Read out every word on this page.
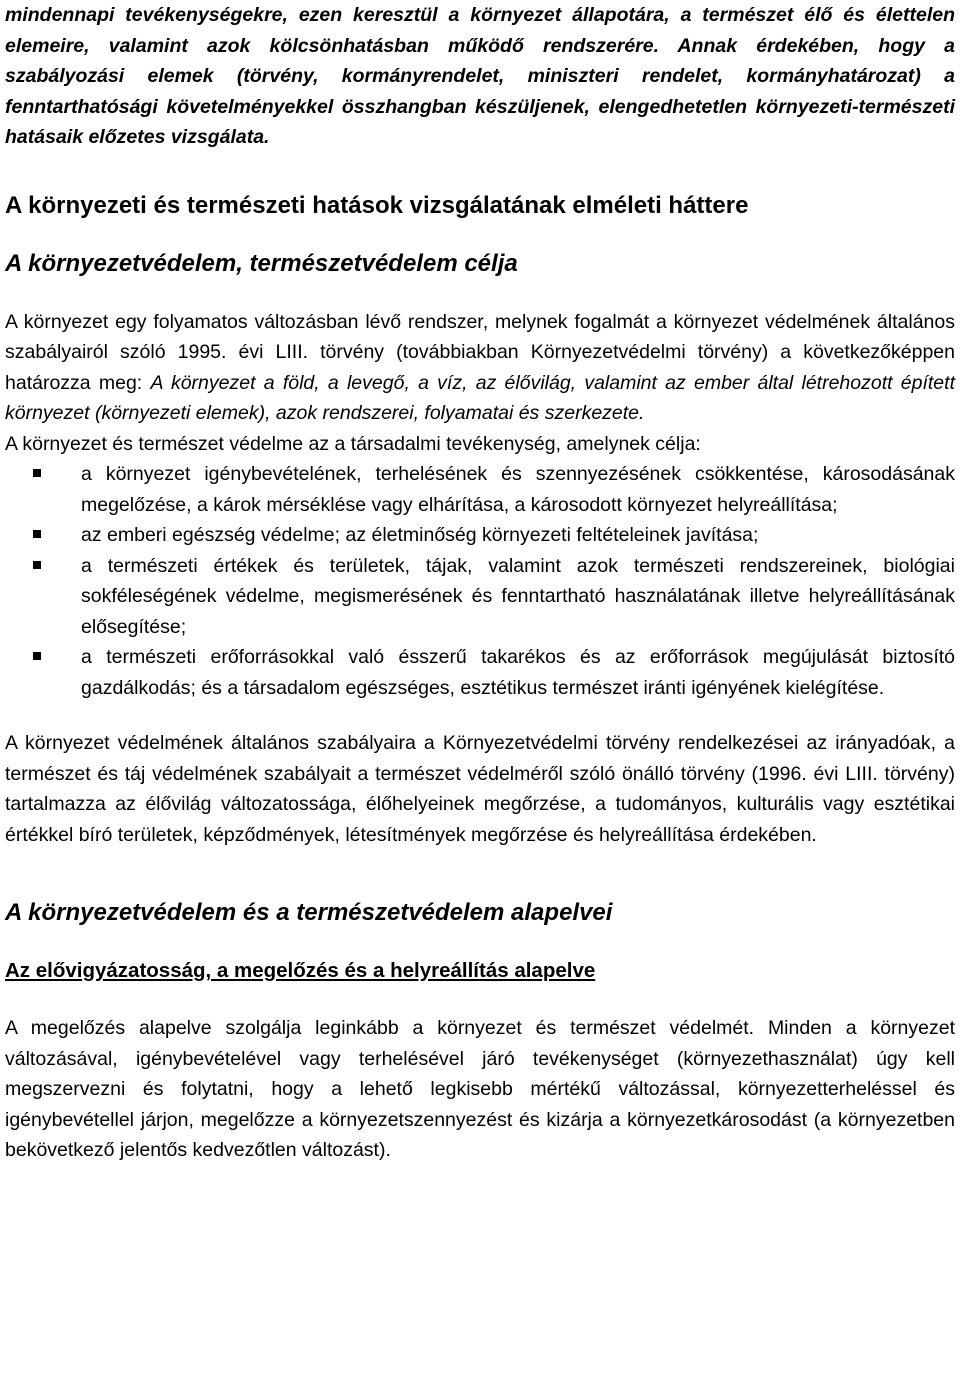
mindennapi tevékenységekre, ezen keresztül a környezet állapotára, a természet élő és élettelen elemeire, valamint azok kölcsönhatásban működő rendszerére. Annak érdekében, hogy a szabályozási elemek (törvény, kormányrendelet, miniszteri rendelet, kormányhatározat) a fenntarthatósági követelményekkel összhangban készüljenek, elengedhetetlen környezeti-természeti hatásaik előzetes vizsgálata.

A környezeti és természeti hatások vizsgálatának elméleti háttere
A környezetvédelem, természetvédelem célja

A környezet egy folyamatos változásban lévő rendszer, melynek fogalmát a környezet védelmének általános szabályairól szóló 1995. évi LIII. törvény (továbbiakban Környezetvédelmi törvény) a következőképpen határozza meg: A környezet a föld, a levegő, a víz, az élővilág, valamint az ember által létrehozott épített környezet (környezeti elemek), azok rendszerei, folyamatai és szerkezete.

A környezet és természet védelme az a társadalmi tevékenység, amelynek célja:

a környezet igénybevételének, terhelésének és szennyezésének csökkentése, károsodásának megelőzése, a károk mérséklése vagy elhárítása, a károsodott környezet helyreállítása;
az emberi egészség védelme; az életminőség környezeti feltételeinek javítása;
a természeti értékek és területek, tájak, valamint azok természeti rendszereinek, biológiai sokféleségének védelme, megismerésének és fenntartható használatának illetve helyreállításának elősegítése;
a természeti erőforrásokkal való ésszerű takarékos és az erőforrások megújulását biztosító gazdálkodás; és a társadalom egészséges, esztétikus természet iránti igényének kielégítése.

A környezet védelmének általános szabályaira a Környezetvédelmi törvény rendelkezései az irányadóak, a természet és táj védelmének szabályait a természet védelméről szóló önálló törvény (1996. évi LIII. törvény) tartalmazza az élővilág változatossága, élőhelyeinek megőrzése, a tudományos, kulturális vagy esztétikai értékkel bíró területek, képződmények, létesítmények megőrzése és helyreállítása érdekében.

A környezetvédelem és a természetvédelem alapelvei
Az elővigyázatosság, a megelőzés és a helyreállítás alapelve

A megelőzés alapelve szolgálja leginkább a környezet és természet védelmét. Minden a környezet változásával, igénybevételével vagy terhelésével járó tevékenységet (környezethasználat) úgy kell megszervezni és folytatni, hogy a lehető legkisebb mértékű változással, környezetterheléssel és igénybevétellel járjon, megelőzze a környezetszennyezést és kizárja a környezetkárosodást (a környezetben bekövetkező jelentős kedvezőtlen változást).
